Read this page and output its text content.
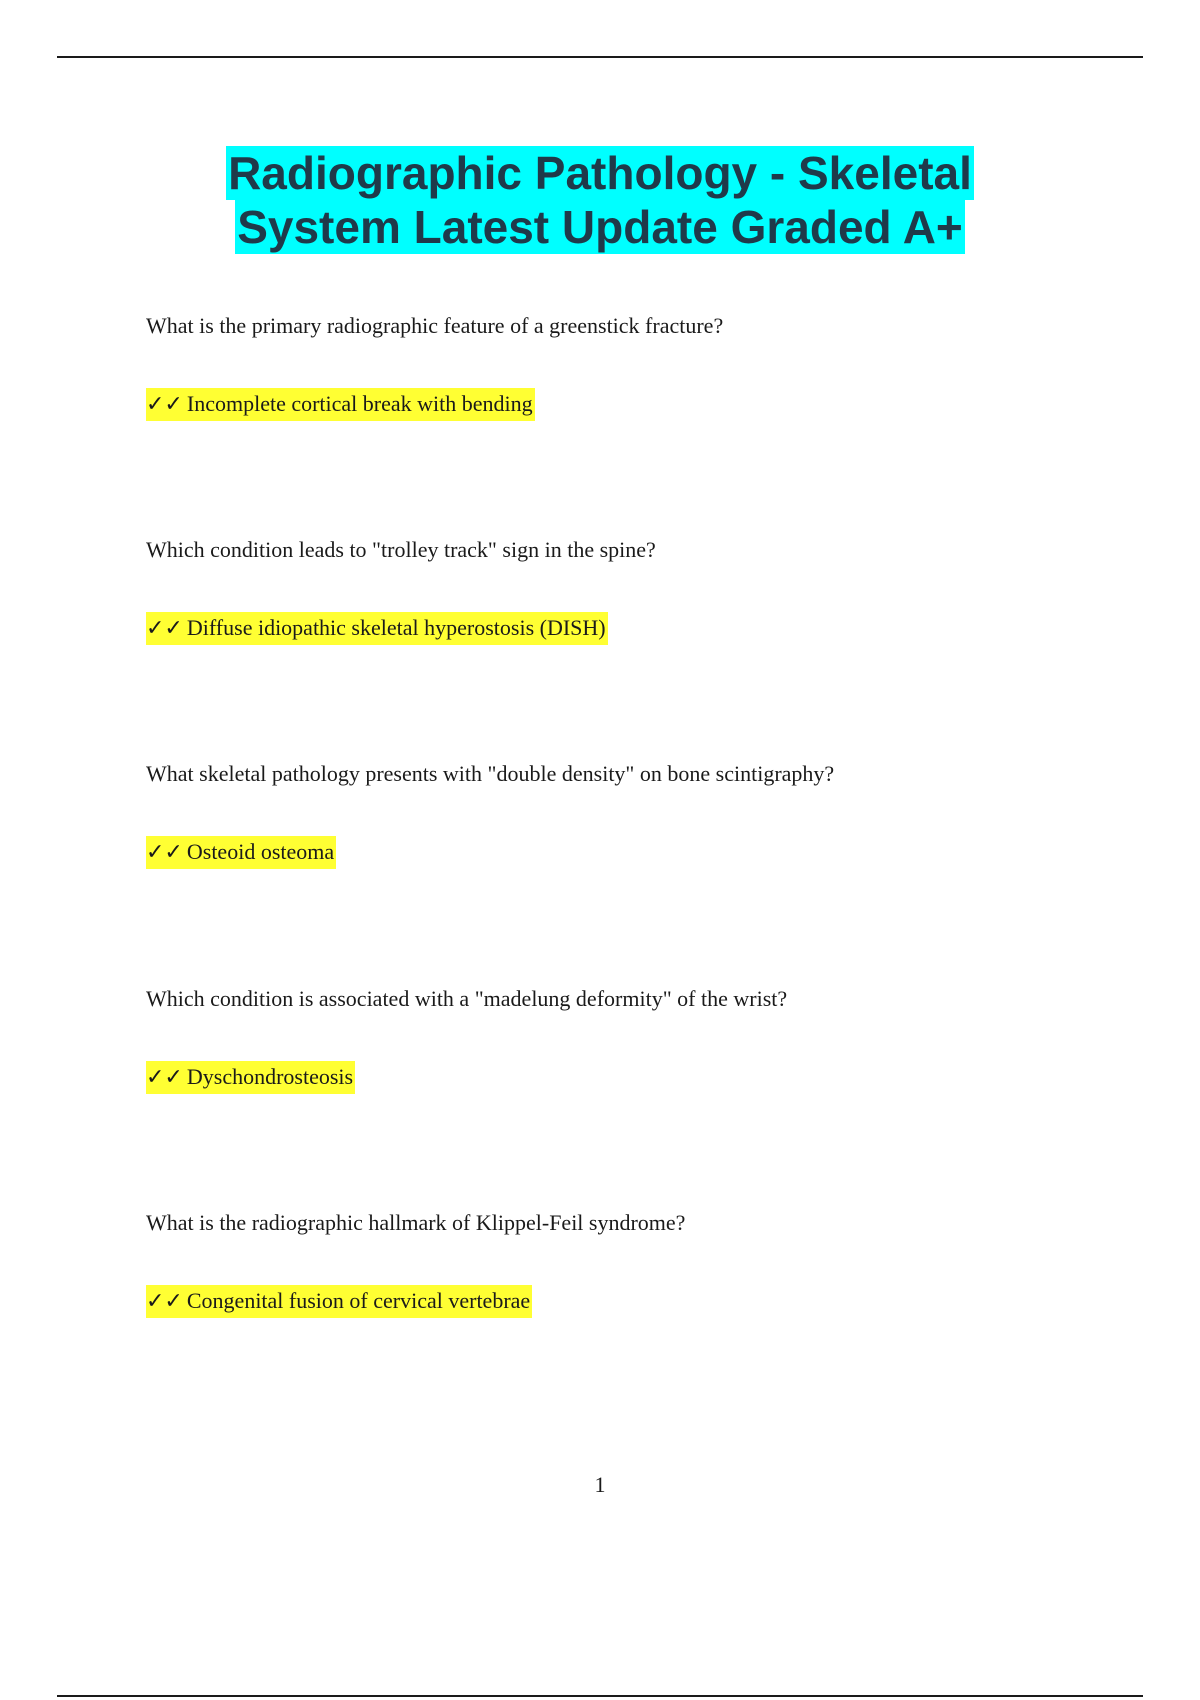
Radiographic Pathology - Skeletal
System Latest Update Graded A+

What is the primary radiographic feature of a greenstick fracture?

✓✓ Incomplete cortical break with bending

Which condition leads to "trolley track" sign in the spine?

✓✓ Diffuse idiopathic skeletal hyperostosis (DISH)

What skeletal pathology presents with "double density" on bone scintigraphy?

✓✓ Osteoid osteoma

Which condition is associated with a "madelung deformity" of the wrist?

✓✓ Dyschondrosteosis

What is the radiographic hallmark of Klippel-Feil syndrome?

✓✓ Congenital fusion of cervical vertebrae
1
